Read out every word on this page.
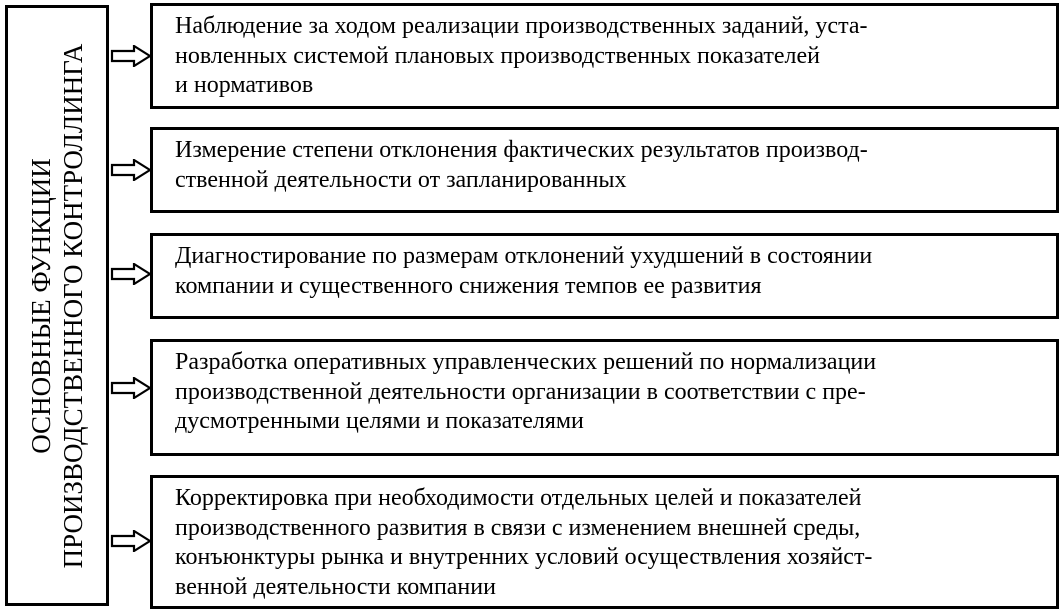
ОСНОВНЫЕ ФУНКЦИИ ПРОИЗВОДСТВЕННОГО КОНТРОЛЛИНГА
Наблюдение за ходом реализации производственных заданий, уста-
новленных системой плановых производственных показателей
и нормативов
Измерение степени отклонения фактических результатов производ-
ственной деятельности от запланированных
Диагностирование по размерам отклонений ухудшений в состоянии
компании и существенного снижения темпов ее развития
Разработка оперативных управленческих решений по нормализации
производственной деятельности организации в соответствии с пре-
дусмотренными целями и показателями
Корректировка при необходимости отдельных целей и показателей
производственного развития в связи с изменением внешней среды,
конъюнктуры рынка и внутренних условий осуществления хозяйст-
венной деятельности компании
